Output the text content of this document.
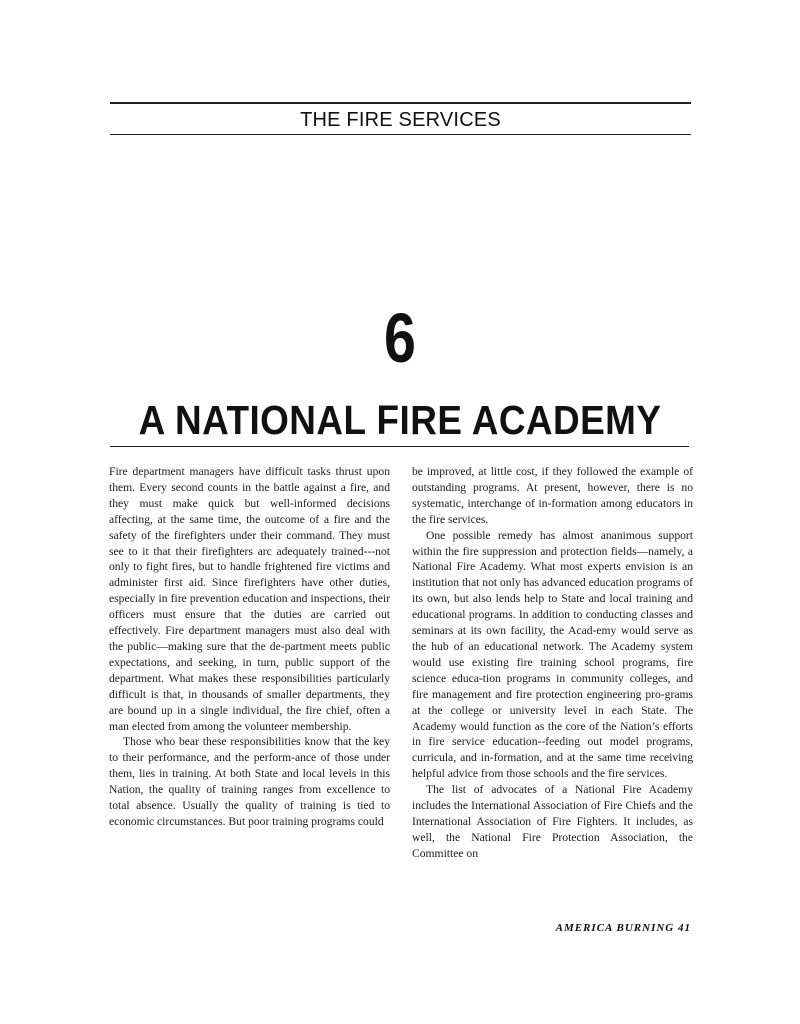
THE FIRE SERVICES
6
A NATIONAL FIRE ACADEMY

Fire department managers have difficult tasks thrust upon them. Every second counts in the battle against a fire, and they must make quick but well-informed decisions affecting, at the same time, the outcome of a fire and the safety of the firefighters under their command. They must see to it that their firefighters arc adequately trained---not only to fight fires, but to handle frightened fire victims and administer first aid. Since firefighters have other duties, especially in fire prevention education and inspections, their officers must ensure that the duties are carried out effectively. Fire department managers must also deal with the public—making sure that the de-partment meets public expectations, and seeking, in turn, public support of the department. What makes these responsibilities particularly difficult is that, in thousands of smaller departments, they are bound up in a single individual, the fire chief, often a man elected from among the volunteer membership.

Those who bear these responsibilities know that the key to their performance, and the perform-ance of those under them, lies in training. At both State and local levels in this Nation, the quality of training ranges from excellence to total absence. Usually the quality of training is tied to economic circumstances. But poor training programs could

be improved, at little cost, if they followed the example of outstanding programs. At present, however, there is no systematic, interchange of in-formation among educators in the fire services.

One possible remedy has almost ananimous support within the fire suppression and protection fields—namely, a National Fire Academy. What most experts envision is an institution that not only has advanced education programs of its own, but also lends help to State and local training and educational programs. In addition to conducting classes and seminars at its own facility, the Acad-emy would serve as the hub of an educational network. The Academy system would use existing fire training school programs, fire science educa-tion programs in community colleges, and fire management and fire protection engineering pro-grams at the college or university level in each State. The Academy would function as the core of the Nation’s efforts in fire service education--feeding out model programs, curricula, and in-formation, and at the same time receiving helpful advice from those schools and the fire services.

The list of advocates of a National Fire Academy includes the International Association of Fire Chiefs and the International Association of Fire Fighters. It includes, as well, the National Fire Protection Association, the Committee on

AMERICA BURNING 41
